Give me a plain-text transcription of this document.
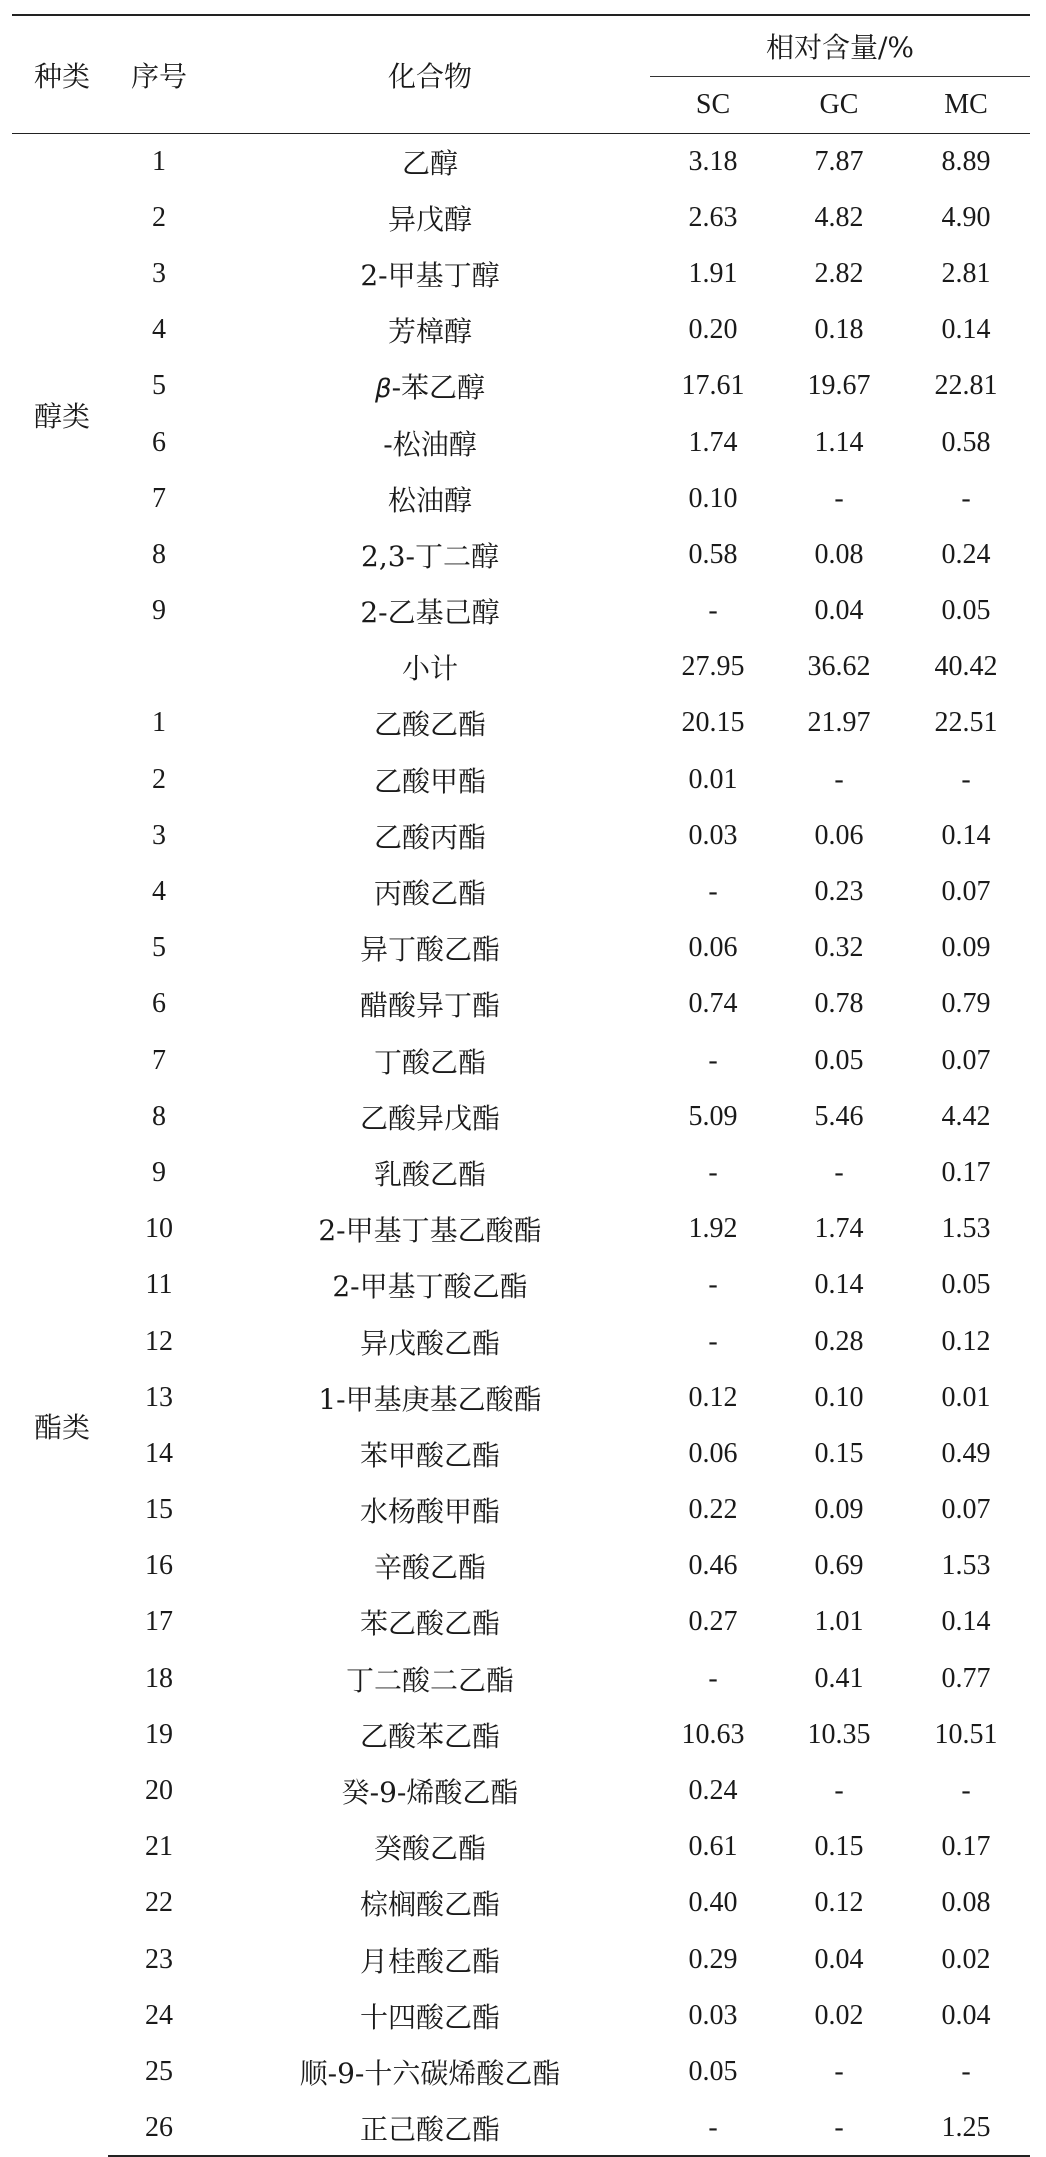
种类	序号	化合物	相对含量/%		
			SC	GC	MC
醇类	1	乙醇	3.18	7.87	8.89
	2	异戊醇	2.63	4.82	4.90
	3	2-甲基丁醇	1.91	2.82	2.81
	4	芳樟醇	0.20	0.18	0.14
	5	β-苯乙醇	17.61	19.67	22.81
	6	-松油醇	1.74	1.14	0.58
	7	松油醇	0.10	-	-
	8	2,3-丁二醇	0.58	0.08	0.24
	9	2-乙基己醇	-	0.04	0.05
		小计	27.95	36.62	40.42
酯类	1	乙酸乙酯	20.15	21.97	22.51
	2	乙酸甲酯	0.01	-	-
	3	乙酸丙酯	0.03	0.06	0.14
	4	丙酸乙酯	-	0.23	0.07
	5	异丁酸乙酯	0.06	0.32	0.09
	6	醋酸异丁酯	0.74	0.78	0.79
	7	丁酸乙酯	-	0.05	0.07
	8	乙酸异戊酯	5.09	5.46	4.42
	9	乳酸乙酯	-	-	0.17
	10	2-甲基丁基乙酸酯	1.92	1.74	1.53
	11	2-甲基丁酸乙酯	-	0.14	0.05
	12	异戊酸乙酯	-	0.28	0.12
	13	1-甲基庚基乙酸酯	0.12	0.10	0.01
	14	苯甲酸乙酯	0.06	0.15	0.49
	15	水杨酸甲酯	0.22	0.09	0.07
	16	辛酸乙酯	0.46	0.69	1.53
	17	苯乙酸乙酯	0.27	1.01	0.14
	18	丁二酸二乙酯	-	0.41	0.77
	19	乙酸苯乙酯	10.63	10.35	10.51
	20	癸-9-烯酸乙酯	0.24	-	-
	21	癸酸乙酯	0.61	0.15	0.17
	22	棕榈酸乙酯	0.40	0.12	0.08
	23	月桂酸乙酯	0.29	0.04	0.02
	24	十四酸乙酯	0.03	0.02	0.04
	25	顺-9-十六碳烯酸乙酯	0.05	-	-
	26	正己酸乙酯	-	-	1.25
